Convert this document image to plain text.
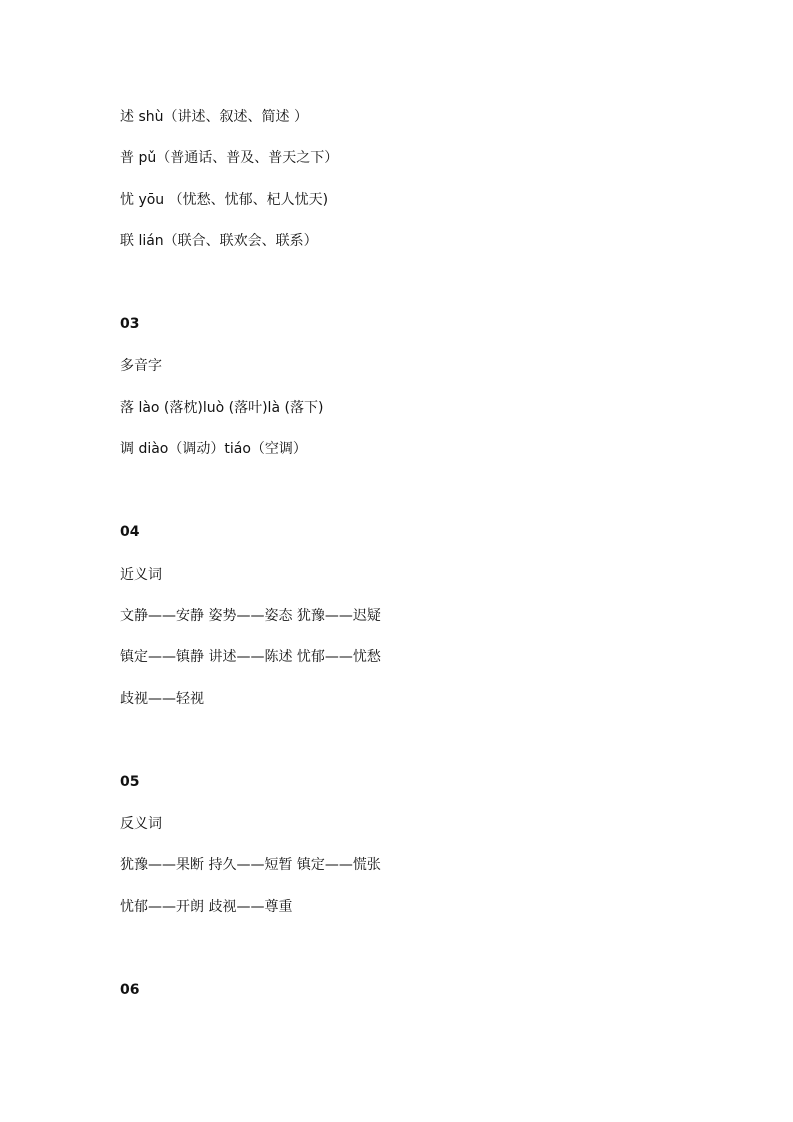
述 shù（讲述、叙述、简述 ）
普 pǔ（普通话、普及、普天之下）
忧 yōu （忧愁、忧郁、杞人忧天)
联 lián（联合、联欢会、联系）
03
多音字
落 lào (落枕)luò (落叶)là (落下)
调 diào（调动）tiáo（空调）
04
近义词
文静——安静 姿势——姿态 犹豫——迟疑
镇定——镇静 讲述——陈述 忧郁——忧愁
歧视——轻视
05
反义词
犹豫——果断 持久——短暂 镇定——慌张
忧郁——开朗 歧视——尊重
06
